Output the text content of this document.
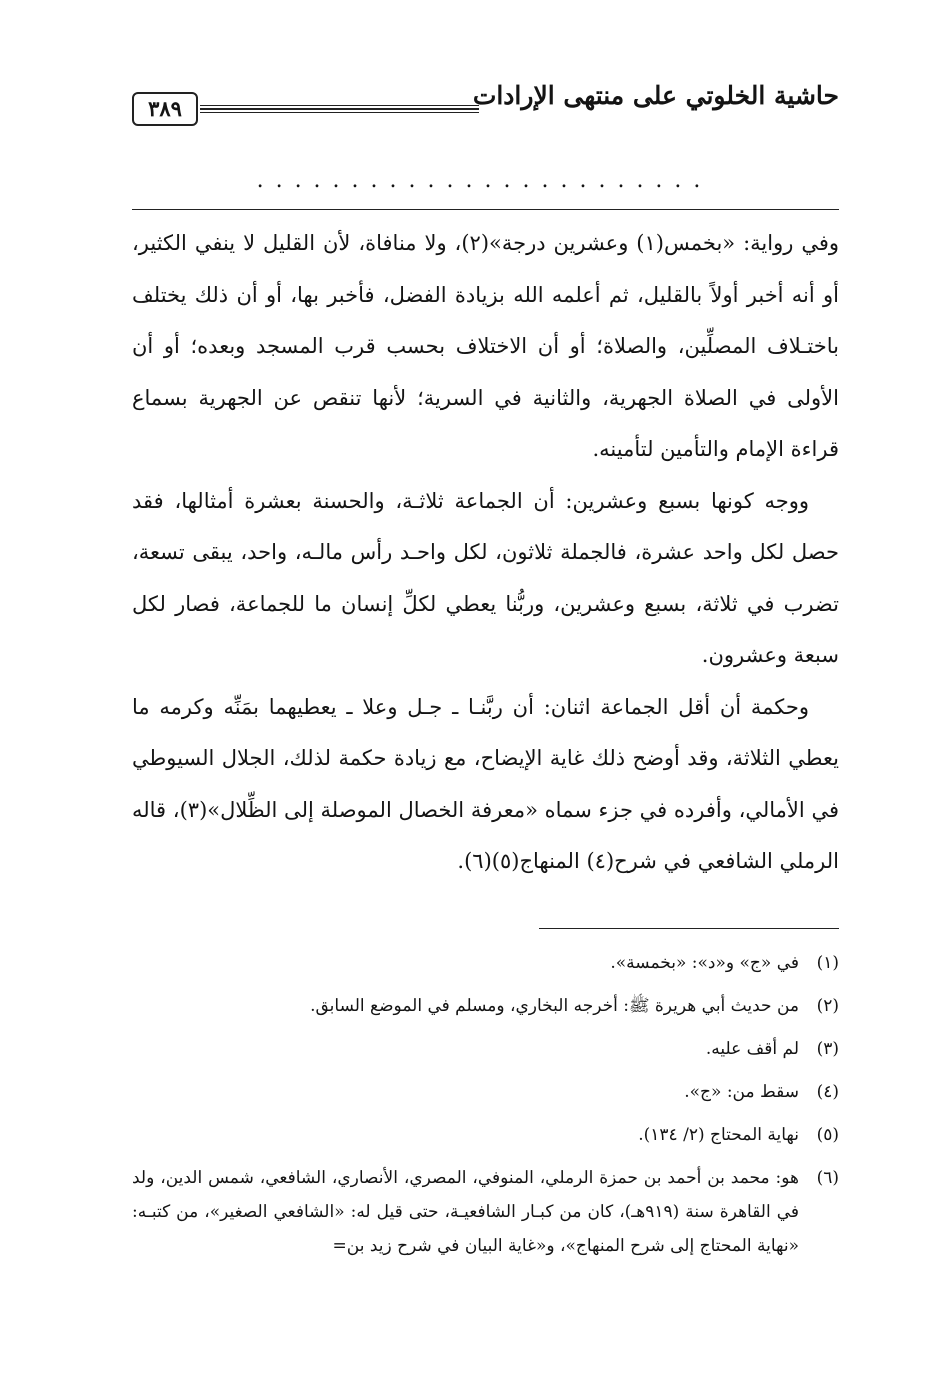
حاشية الخلوتي على منتهى الإرادات
٣٨٩
........................

وفي رواية: «بخمس(١) وعشرين درجة»(٢)، ولا منافاة، لأن القليل لا ينفي الكثير، أو أنه أخبر أولاً بالقليل، ثم أعلمه الله بزيادة الفضل، فأخبر بها، أو أن ذلك يختلف باختـلاف المصلِّين، والصلاة؛ أو أن الاختلاف بحسب قرب المسجد وبعده؛ أو أن الأولى في الصلاة الجهرية، والثانية في السرية؛ لأنها تنقص عن الجهرية بسماع قراءة الإمام والتأمين لتأمينه.

ووجه كونها بسبع وعشرين: أن الجماعة ثلاثـة، والحسنة بعشرة أمثالها، فقد حصل لكل واحد عشرة، فالجملة ثلاثون، لكل واحـد رأس مالـه، واحد، يبقى تسعة، تضرب في ثلاثة، بسبع وعشرين، وربُّنا يعطي لكلِّ إنسان ما للجماعة، فصار لكل سبعة وعشرون.

وحكمة أن أقل الجماعة اثنان: أن ربَّنـا ـ جـل وعلا ـ يعطيهما بمَنِّه وكرمه ما يعطي الثلاثة، وقد أوضح ذلك غاية الإيضاح، مع زيادة حكمة لذلك، الجلال السيوطي في الأمالي، وأفرده في جزء سماه «معرفة الخصال الموصلة إلى الظِّلال»(٣)، قاله الرملي الشافعي في شرح(٤) المنهاج(٥)(٦).

(١)
في «ج» و«د»: «بخمسة».
(٢)
من حديث أبي هريرة ﷺ: أخرجه البخاري، ومسلم في الموضع السابق.
(٣)
لم أقف عليه.
(٤)
سقط من: «ج».
(٥)
نهاية المحتاج (٢/ ١٣٤).
(٦)
هو: محمد بن أحمد بن حمزة الرملي، المنوفي، المصري، الأنصاري، الشافعي، شمس الدين، ولد في القاهرة سنة (٩١٩هـ)، كان من كبـار الشافعيـة، حتى قيل له: «الشافعي الصغير»، من كتبـه: «نهاية المحتاج إلى شرح المنهاج»، و«غاية البيان في شرح زيد بن=
